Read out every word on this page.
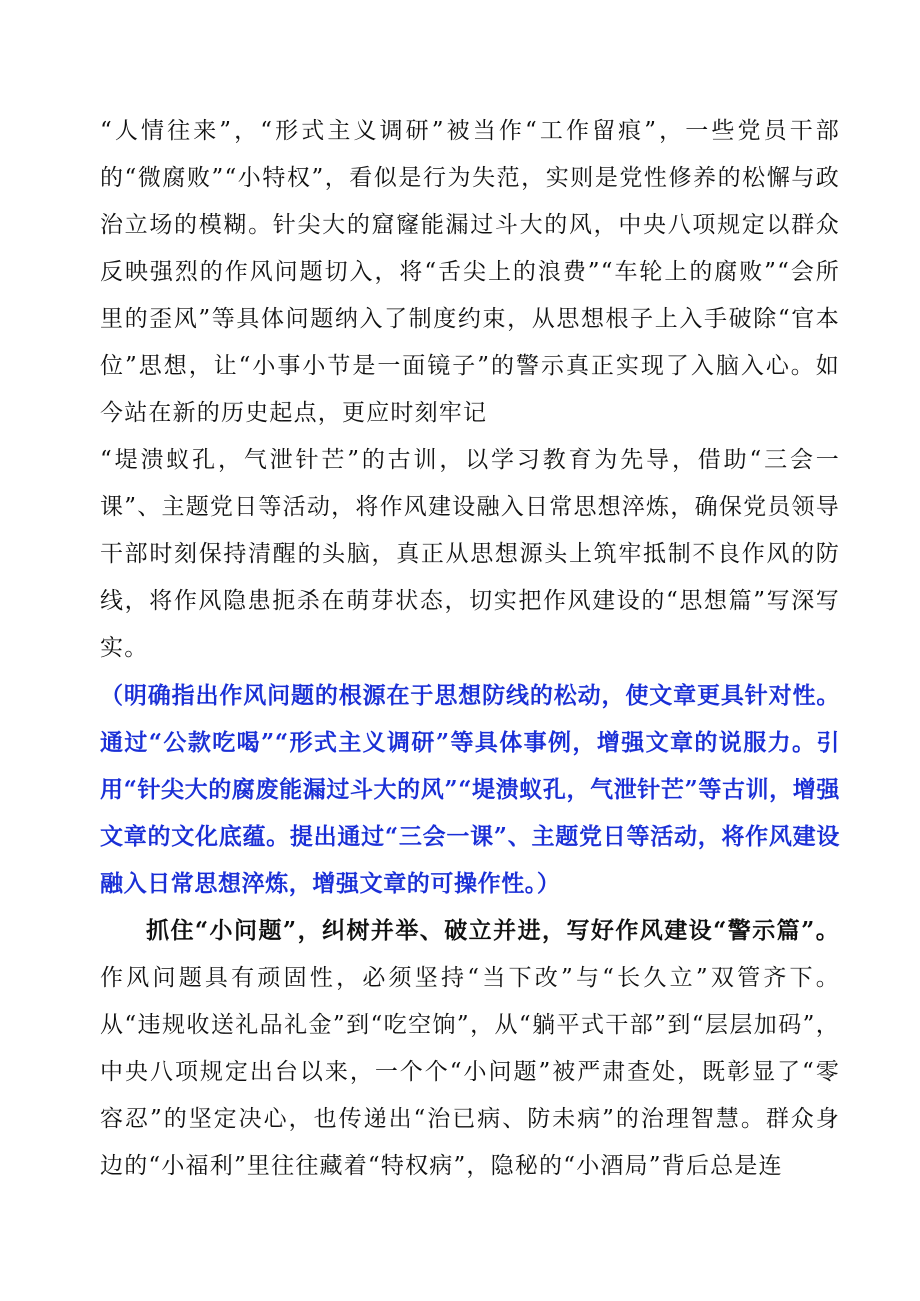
“人情往来”，“形式主义调研”被当作“工作留痕”，一些党员干部的“微腐败”“小特权”，看似是行为失范，实则是党性修养的松懈与政治立场的模糊。针尖大的窟窿能漏过斗大的风，中央八项规定以群众反映强烈的作风问题切入，将“舌尖上的浪费”“车轮上的腐败”“会所里的歪风”等具体问题纳入了制度约束，从思想根子上入手破除“官本位”思想，让“小事小节是一面镜子”的警示真正实现了入脑入心。如今站在新的历史起点，更应时刻牢记

“堤溃蚁孔，气泄针芒”的古训，以学习教育为先导，借助“三会一课”、主题党日等活动，将作风建设融入日常思想淬炼，确保党员领导干部时刻保持清醒的头脑，真正从思想源头上筑牢抵制不良作风的防线，将作风隐患扼杀在萌芽状态，切实把作风建设的“思想篇”写深写实。

（明确指出作风问题的根源在于思想防线的松动，使文章更具针对性。通过“公款吃喝”“形式主义调研”等具体事例，增强文章的说服力。引用“针尖大的腐废能漏过斗大的风”“堤溃蚁孔，气泄针芒”等古训，增强文章的文化底蕴。提出通过“三会一课”、主题党日等活动，将作风建设融入日常思想淬炼，增强文章的可操作性。）

抓住“小问题”，纠树并举、破立并进，写好作风建设“警示篇”。作风问题具有顽固性，必须坚持“当下改”与“长久立”双管齐下。从“违规收送礼品礼金”到“吃空饷”，从“躺平式干部”到“层层加码”，中央八项规定出台以来，一个个“小问题”被严肃查处，既彰显了“零容忍”的坚定决心，也传递出“治已病、防未病”的治理智慧。群众身边的“小福利”里往往藏着“特权病”，隐秘的“小酒局”背后总是连
